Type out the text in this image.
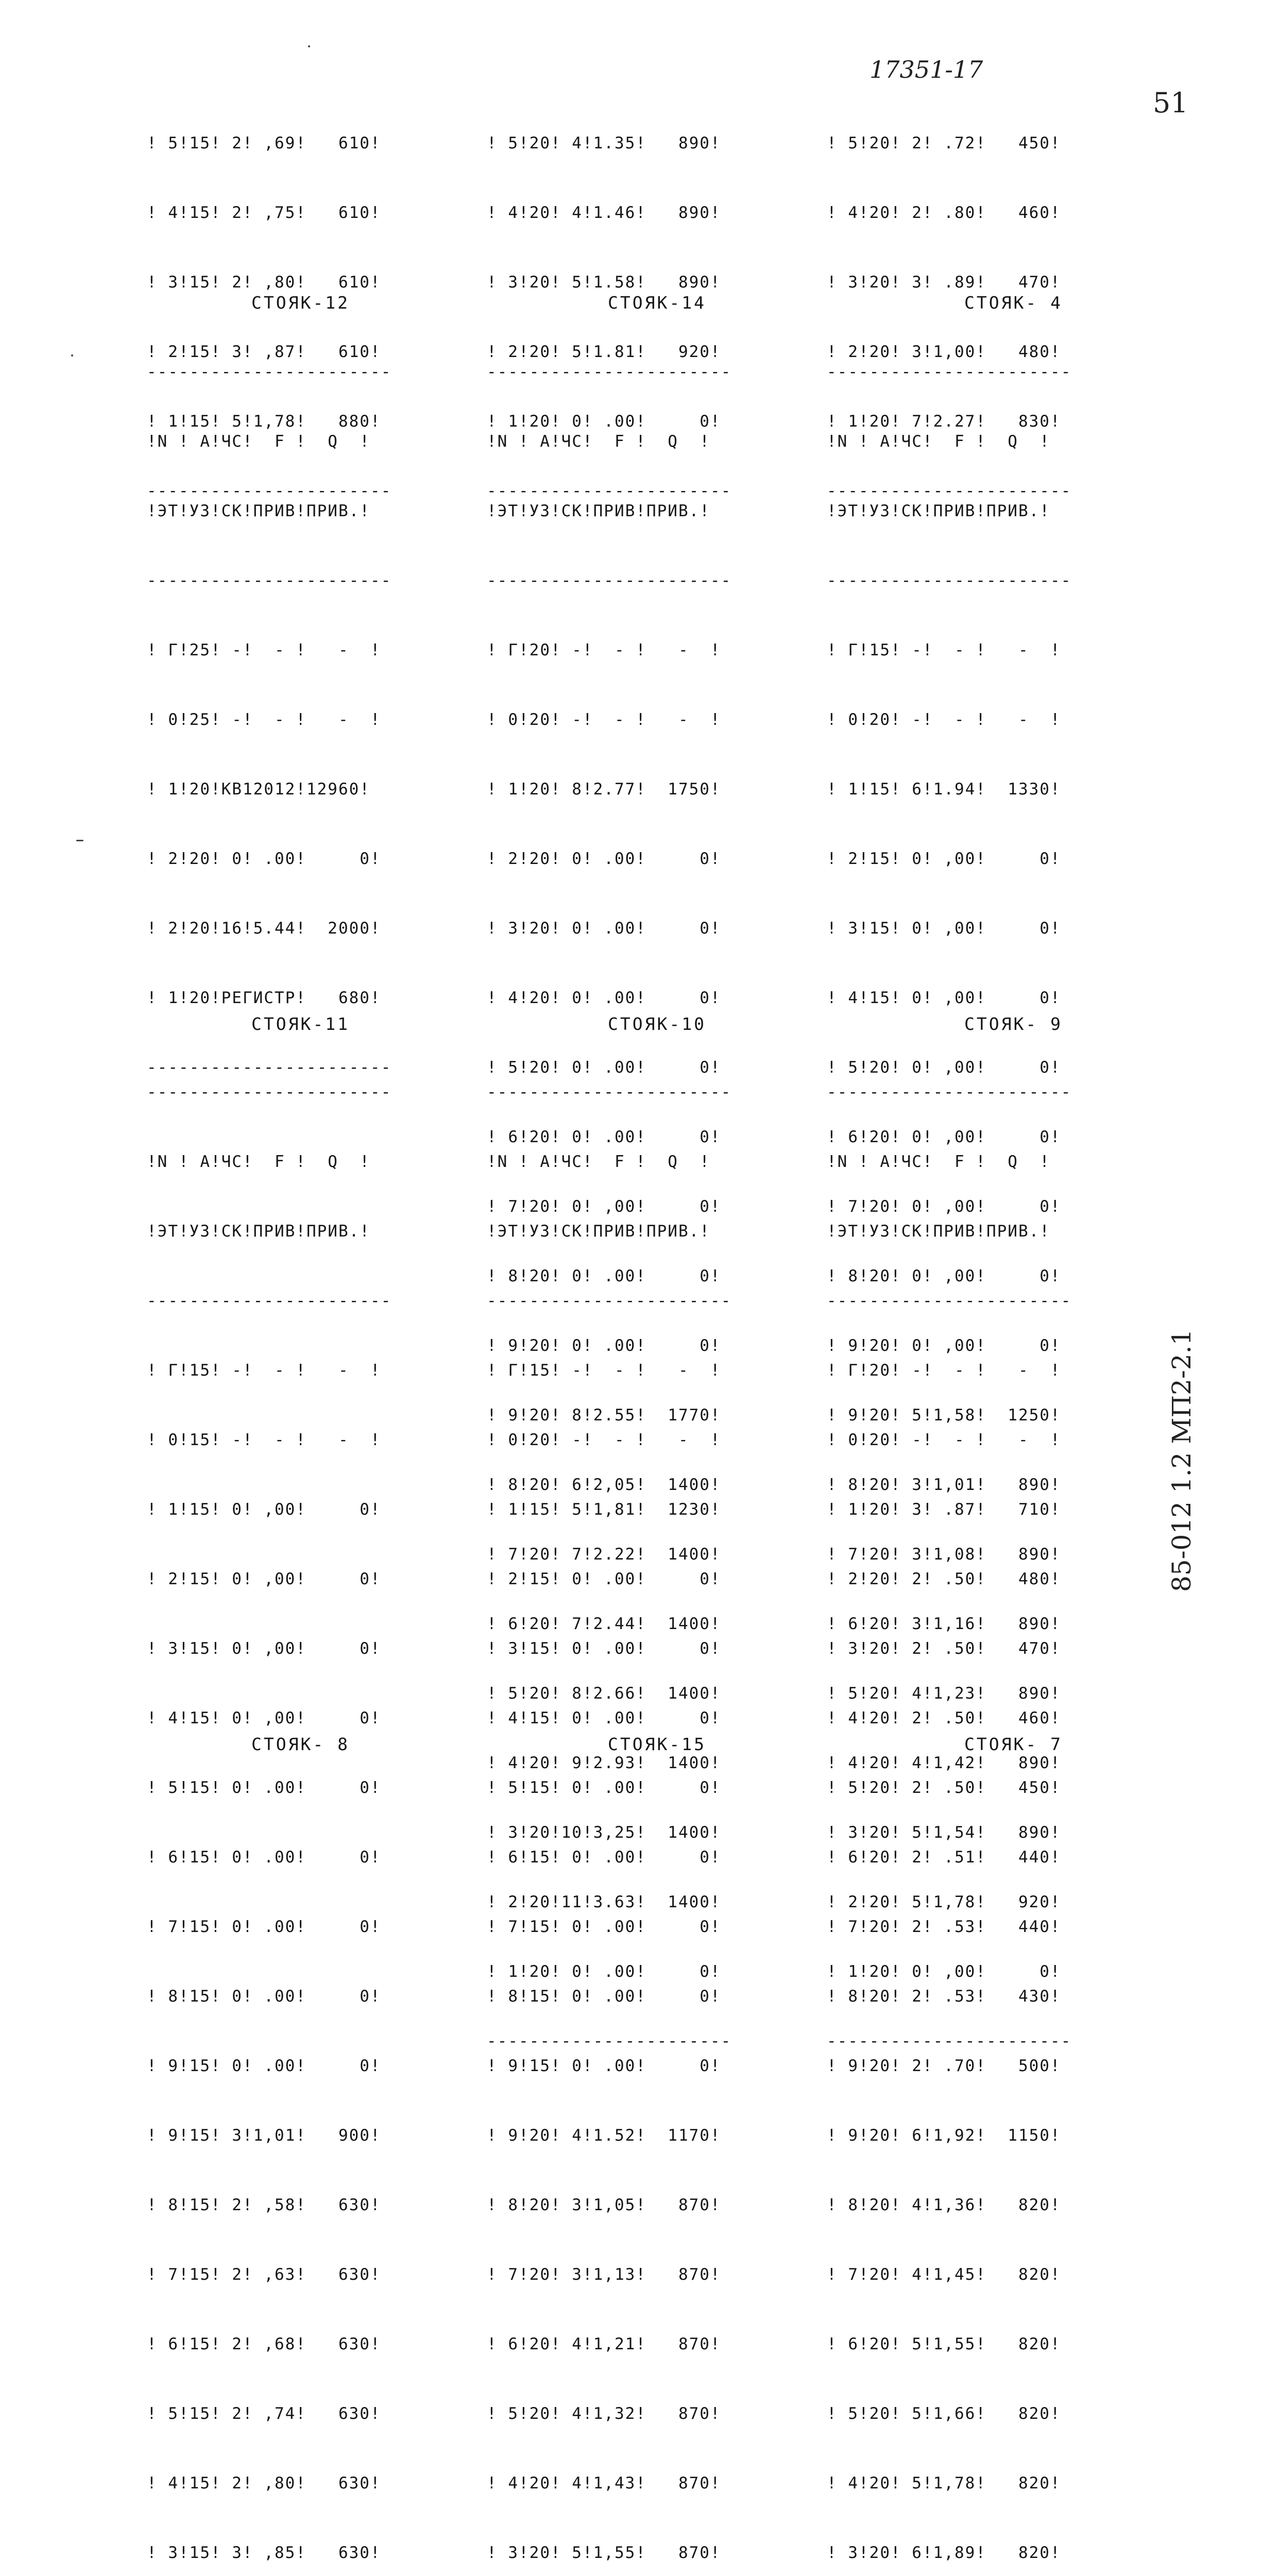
17351-17
51
85-012 1.2 МП2-2.1

! 5!15! 2! ,69!   610!

! 4!15! 2! ,75!   610!

! 3!15! 2! ,80!   610!

! 2!15! 3! ,87!   610!

! 1!15! 5!1,78!   880!

-----------------------

! 5!20! 4!1.35!   890!

! 4!20! 4!1.46!   890!

! 3!20! 5!1.58!   890!

! 2!20! 5!1.81!   920!

! 1!20! 0! .00!     0!

-----------------------

! 5!20! 2! .72!   450!

! 4!20! 2! .80!   460!

! 3!20! 3! .89!   470!

! 2!20! 3!1,00!   480!

! 1!20! 7!2.27!   830!

-----------------------

СТОЯК-12	СТОЯК-14	СТОЯК- 4

-----------------------

!N ! А!ЧС!  F !  Q  !

!ЭТ!УЗ!СК!ПРИВ!ПРИВ.!

-----------------------

! Г!25! -!  - !   -  !

! 0!25! -!  - !   -  !

! 1!20!КВ12012!12960!

! 2!20! 0! .00!     0!

! 2!20!16!5.44!  2000!

! 1!20!РЕГИСТР!   680!

-----------------------

-----------------------

!N ! А!ЧС!  F !  Q  !

!ЭТ!УЗ!СК!ПРИВ!ПРИВ.!

-----------------------

! Г!20! -!  - !   -  !

! 0!20! -!  - !   -  !

! 1!20! 8!2.77!  1750!

! 2!20! 0! .00!     0!

! 3!20! 0! .00!     0!

! 4!20! 0! .00!     0!

! 5!20! 0! .00!     0!

! 6!20! 0! .00!     0!

! 7!20! 0! ,00!     0!

! 8!20! 0! .00!     0!

! 9!20! 0! .00!     0!

! 9!20! 8!2.55!  1770!

! 8!20! 6!2,05!  1400!

! 7!20! 7!2.22!  1400!

! 6!20! 7!2.44!  1400!

! 5!20! 8!2.66!  1400!

! 4!20! 9!2.93!  1400!

! 3!20!10!3,25!  1400!

! 2!20!11!3.63!  1400!

! 1!20! 0! .00!     0!

-----------------------

-----------------------

!N ! А!ЧС!  F !  Q  !

!ЭТ!УЗ!СК!ПРИВ!ПРИВ.!

-----------------------

! Г!15! -!  - !   -  !

! 0!20! -!  - !   -  !

! 1!15! 6!1.94!  1330!

! 2!15! 0! ,00!     0!

! 3!15! 0! ,00!     0!

! 4!15! 0! ,00!     0!

! 5!20! 0! ,00!     0!

! 6!20! 0! ,00!     0!

! 7!20! 0! ,00!     0!

! 8!20! 0! ,00!     0!

! 9!20! 0! ,00!     0!

! 9!20! 5!1,58!  1250!

! 8!20! 3!1,01!   890!

! 7!20! 3!1,08!   890!

! 6!20! 3!1,16!   890!

! 5!20! 4!1,23!   890!

! 4!20! 4!1,42!   890!

! 3!20! 5!1,54!   890!

! 2!20! 5!1,78!   920!

! 1!20! 0! ,00!     0!

-----------------------

СТОЯК-11	СТОЯК-10	СТОЯК- 9

-----------------------

!N ! А!ЧС!  F !  Q  !

!ЭТ!УЗ!СК!ПРИВ!ПРИВ.!

-----------------------

! Г!15! -!  - !   -  !

! 0!15! -!  - !   -  !

! 1!15! 0! ,00!     0!

! 2!15! 0! ,00!     0!

! 3!15! 0! ,00!     0!

! 4!15! 0! ,00!     0!

! 5!15! 0! .00!     0!

! 6!15! 0! .00!     0!

! 7!15! 0! .00!     0!

! 8!15! 0! .00!     0!

! 9!15! 0! .00!     0!

! 9!15! 3!1,01!   900!

! 8!15! 2! ,58!   630!

! 7!15! 2! ,63!   630!

! 6!15! 2! ,68!   630!

! 5!15! 2! ,74!   630!

! 4!15! 2! ,80!   630!

! 3!15! 3! ,85!   630!

-----------------------

!N ! А!ЧС!  F !  Q  !

!ЭТ!УЗ!СК!ПРИВ!ПРИВ.!

-----------------------

! Г!15! -!  - !   -  !

! 0!20! -!  - !   -  !

! 1!15! 5!1,81!  1230!

! 2!15! 0! .00!     0!

! 3!15! 0! .00!     0!

! 4!15! 0! .00!     0!

! 5!15! 0! .00!     0!

! 6!15! 0! .00!     0!

! 7!15! 0! .00!     0!

! 8!15! 0! .00!     0!

! 9!15! 0! .00!     0!

! 9!20! 4!1.52!  1170!

! 8!20! 3!1,05!   870!

! 7!20! 3!1,13!   870!

! 6!20! 4!1,21!   870!

! 5!20! 4!1,32!   870!

! 4!20! 4!1,43!   870!

! 3!20! 5!1,55!   870!

-----------------------

!N ! А!ЧС!  F !  Q  !

!ЭТ!УЗ!СК!ПРИВ!ПРИВ.!

-----------------------

! Г!20! -!  - !   -  !

! 0!20! -!  - !   -  !

! 1!20! 3! .87!   710!

! 2!20! 2! .50!   480!

! 3!20! 2! .50!   470!

! 4!20! 2! .50!   460!

! 5!20! 2! .50!   450!

! 6!20! 2! .51!   440!

! 7!20! 2! .53!   440!

! 8!20! 2! .53!   430!

! 9!20! 2! .70!   500!

! 9!20! 6!1,92!  1150!

! 8!20! 4!1,36!   820!

! 7!20! 4!1,45!   820!

! 6!20! 5!1,55!   820!

! 5!20! 5!1,66!   820!

! 4!20! 5!1,78!   820!

! 3!20! 6!1,89!   820!

СТОЯК- 8	СТОЯК-15	СТОЯК- 7
